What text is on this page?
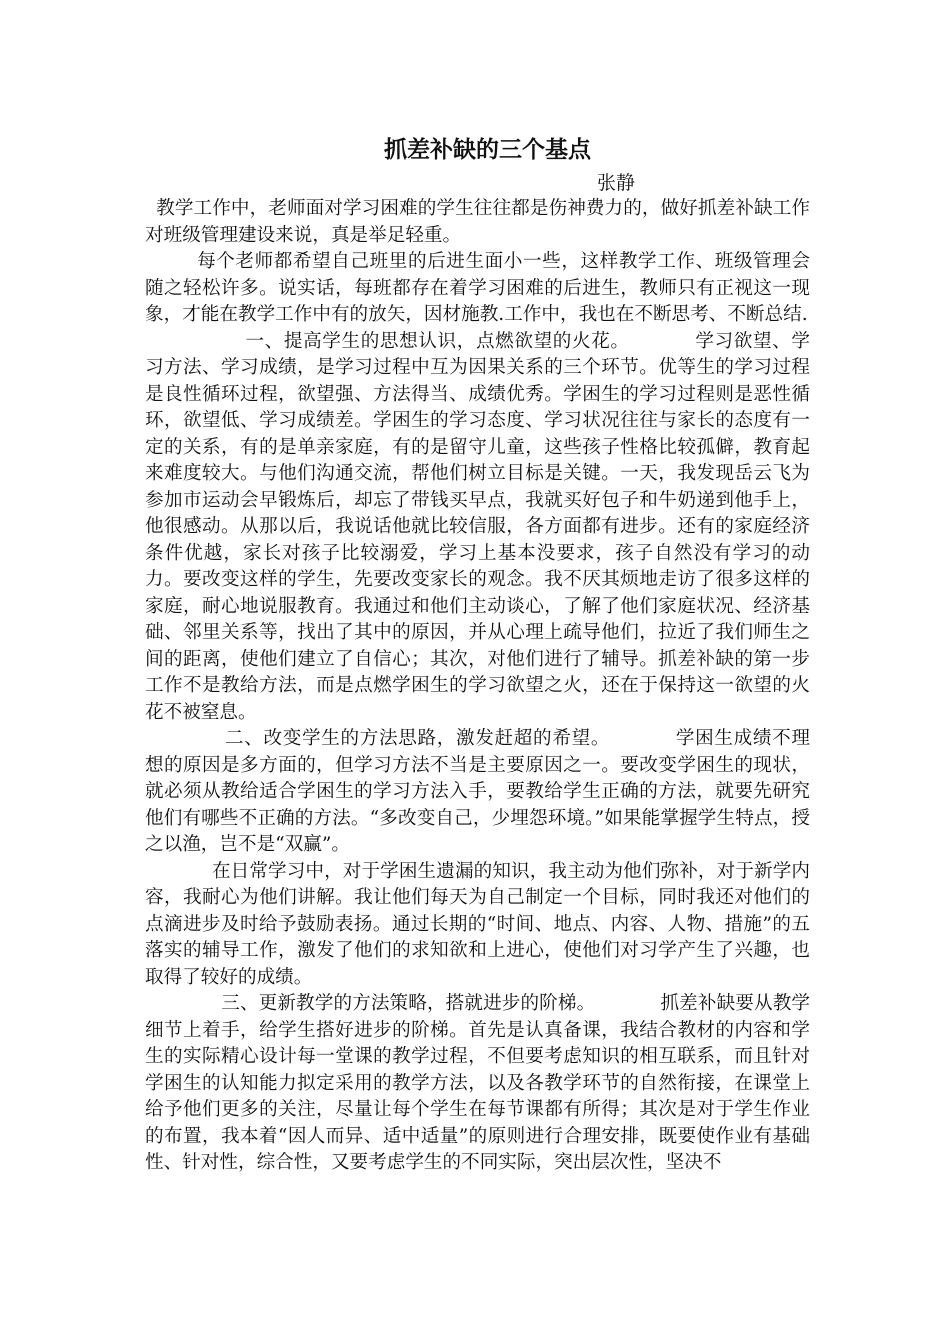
抓差补缺的三个基点

张静

教学工作中，老师面对学习困难的学生往往都是伤神费力的，做好抓差补缺工作对班级管理建设来说，真是举足轻重。

每个老师都希望自己班里的后进生面小一些，这样教学工作、班级管理会随之轻松许多。说实话，每班都存在着学习困难的后进生，教师只有正视这一现象，才能在教学工作中有的放矢，因材施教.工作中，我也在不断思考、不断总结.

一、提高学生的思想认识，点燃欲望的火花。	学习欲望、学习方法、学习成绩，是学习过程中互为因果关系的三个环节。优等生的学习过程是良性循环过程，欲望强、方法得当、成绩优秀。学困生的学习过程则是恶性循环，欲望低、学习成绩差。学困生的学习态度、学习状况往往与家长的态度有一定的关系，有的是单亲家庭，有的是留守儿童，这些孩子性格比较孤僻，教育起来难度较大。与他们沟通交流，帮他们树立目标是关键。一天，我发现岳云飞为参加市运动会早锻炼后，却忘了带钱买早点，我就买好包子和牛奶递到他手上，他很感动。从那以后，我说话他就比较信服，各方面都有进步。还有的家庭经济条件优越，家长对孩子比较溺爱，学习上基本没要求，孩子自然没有学习的动力。要改变这样的学生，先要改变家长的观念。我不厌其烦地走访了很多这样的家庭，耐心地说服教育。我通过和他们主动谈心，了解了他们家庭状况、经济基础、邻里关系等，找出了其中的原因，并从心理上疏导他们，拉近了我们师生之间的距离，使他们建立了自信心；其次，对他们进行了辅导。抓差补缺的第一步工作不是教给方法，而是点燃学困生的学习欲望之火，还在于保持这一欲望的火花不被窒息。

二、改变学生的方法思路，激发赶超的希望。	学困生成绩不理想的原因是多方面的，但学习方法不当是主要原因之一。要改变学困生的现状，就必须从教给适合学困生的学习方法入手，要教给学生正确的方法，就要先研究他们有哪些不正确的方法。“多改变自己，少埋怨环境。”如果能掌握学生特点，授之以渔，岂不是“双赢”。

在日常学习中，对于学困生遗漏的知识，我主动为他们弥补，对于新学内容，我耐心为他们讲解。我让他们每天为自己制定一个目标，同时我还对他们的点滴进步及时给予鼓励表扬。通过长期的“时间、地点、内容、人物、措施”的五落实的辅导工作，激发了他们的求知欲和上进心，使他们对习学产生了兴趣，也取得了较好的成绩。

三、更新教学的方法策略，搭就进步的阶梯。	抓差补缺要从教学细节上着手，给学生搭好进步的阶梯。首先是认真备课，我结合教材的内容和学生的实际精心设计每一堂课的教学过程，不但要考虑知识的相互联系，而且针对学困生的认知能力拟定采用的教学方法，以及各教学环节的自然衔接，在课堂上给予他们更多的关注，尽量让每个学生在每节课都有所得；其次是对于学生作业的布置，我本着“因人而异、适中适量”的原则进行合理安排，既要使作业有基础性、针对性，综合性，又要考虑学生的不同实际，突出层次性，坚决不
